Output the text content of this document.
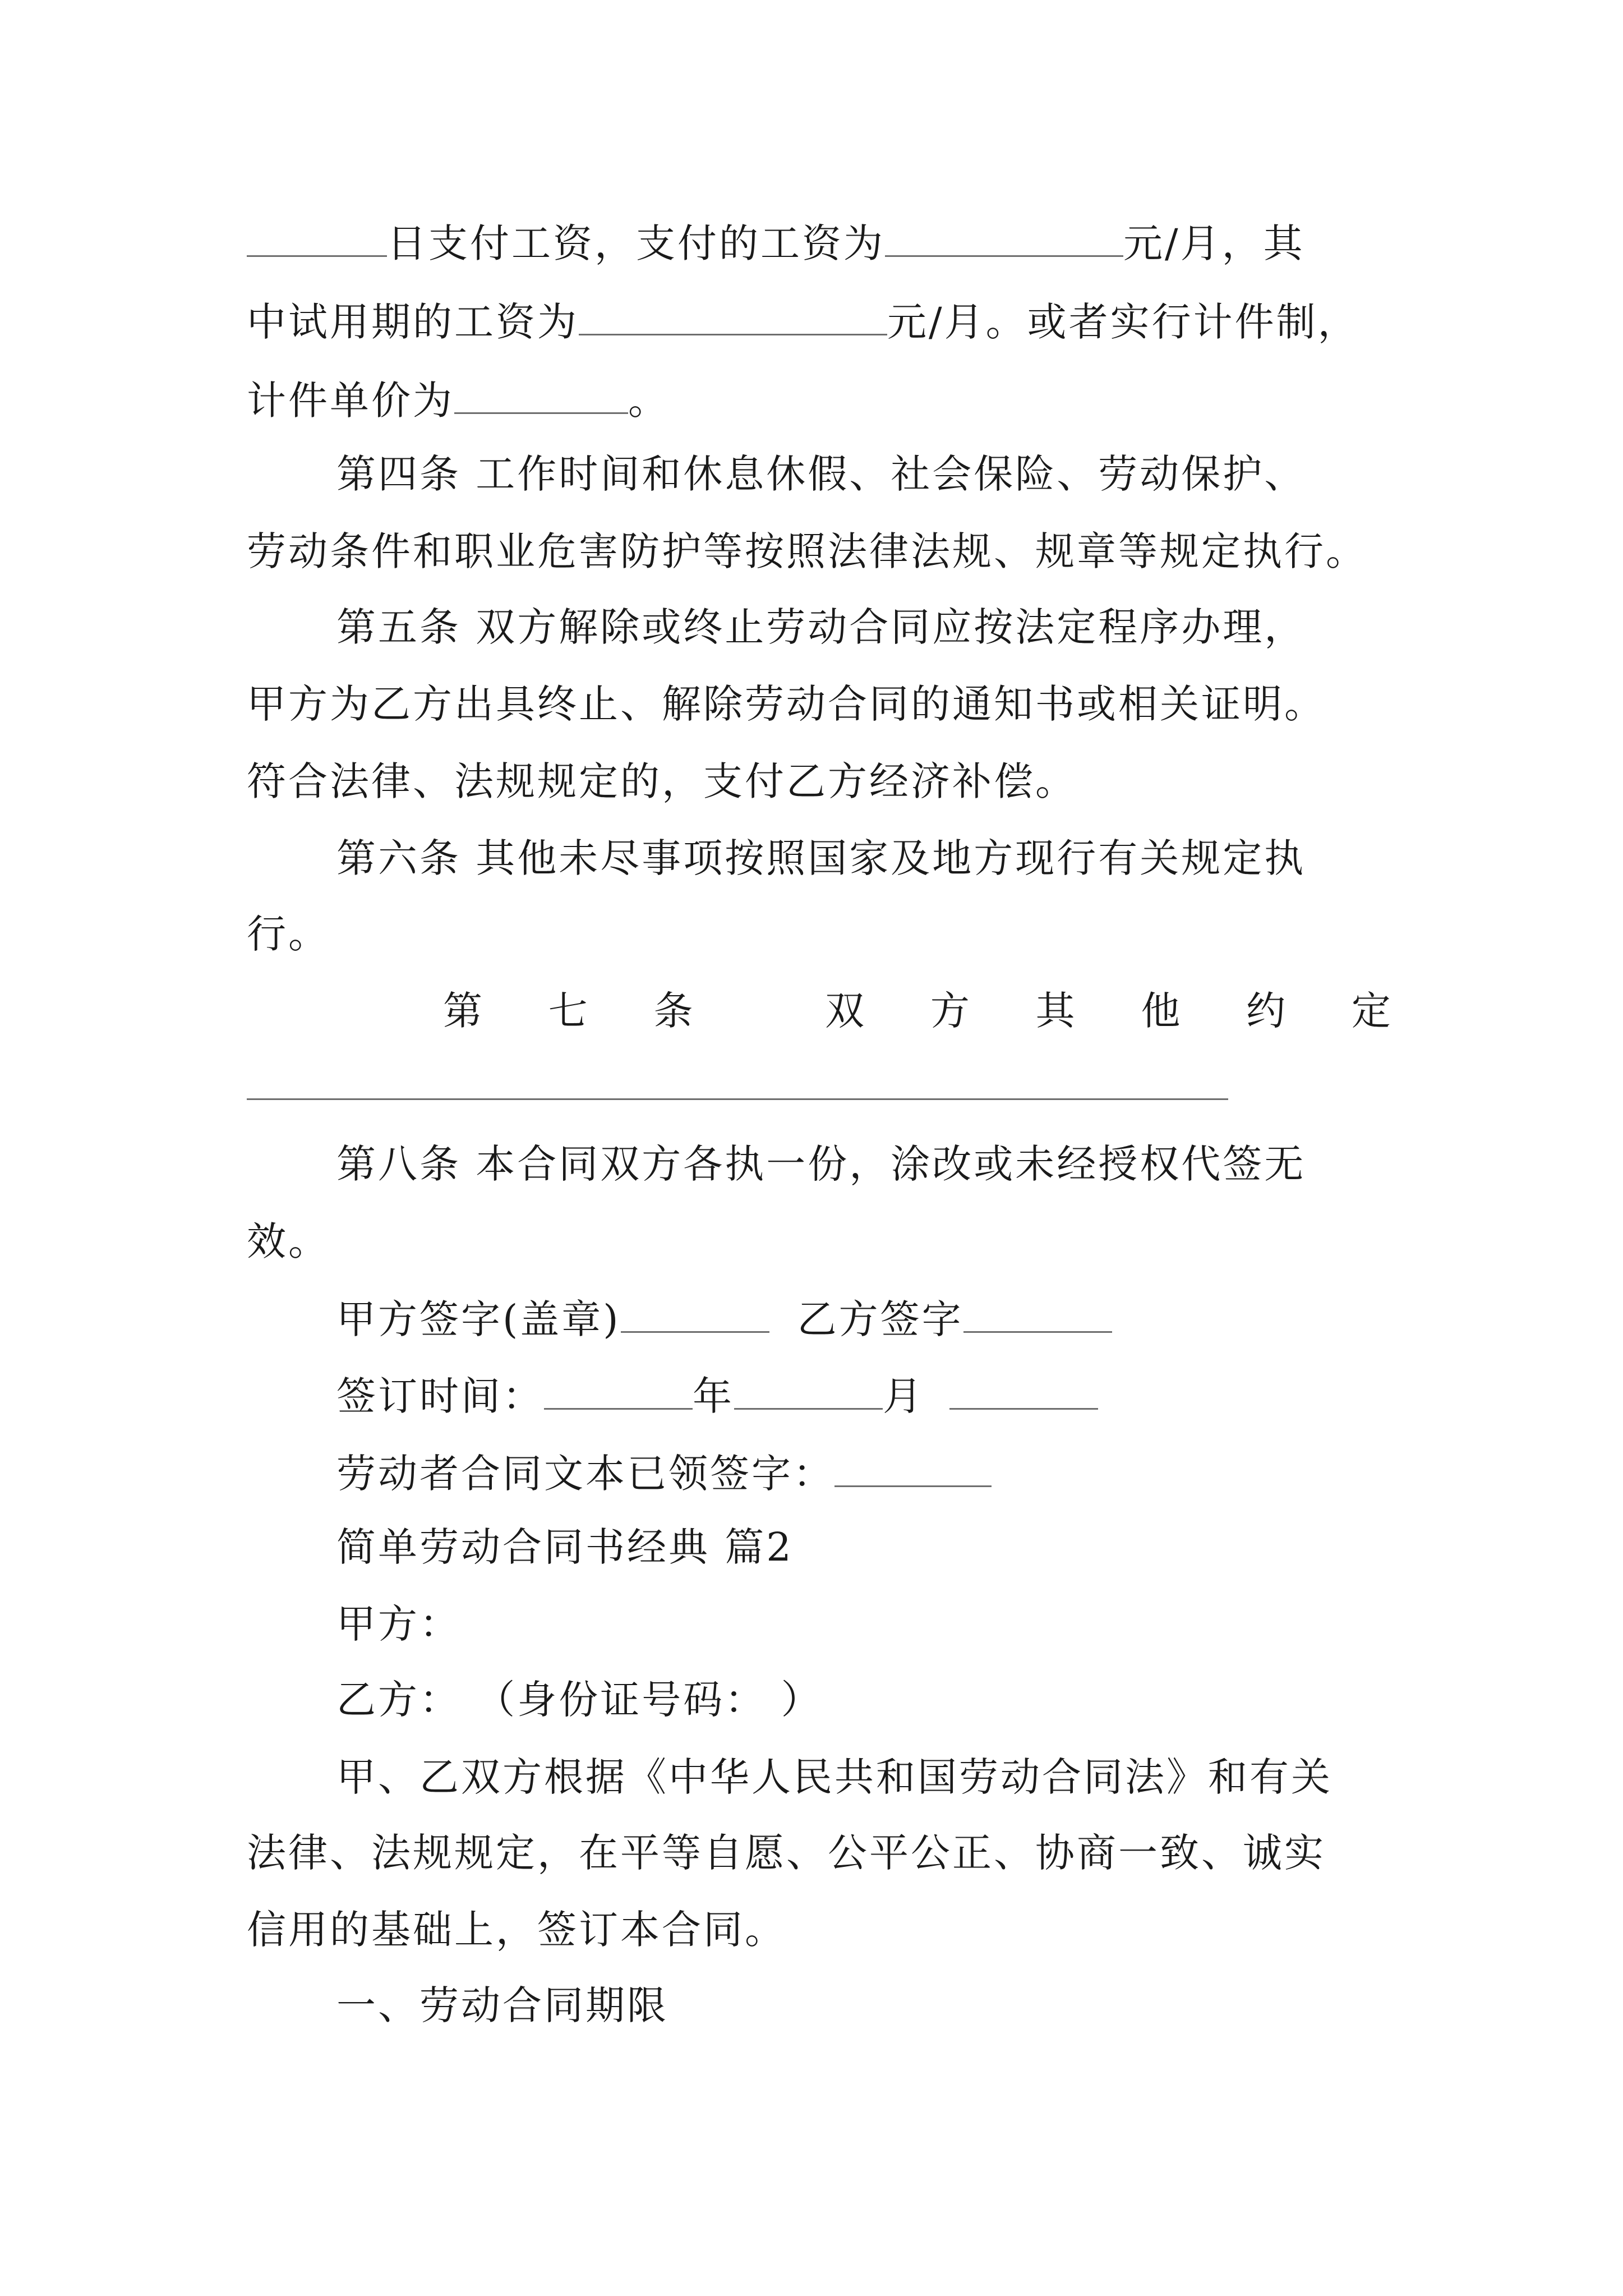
日支付工资，支付的工资为	元/月，其
中试用期的工资为	元/月。或者实行计件制，
计件单价为	。
第四条 工作时间和休息休假、社会保险、劳动保护、
劳动条件和职业危害防护等按照法律法规、规章等规定执行。
第五条 双方解除或终止劳动合同应按法定程序办理，
甲方为乙方出具终止、解除劳动合同的通知书或相关证明。
符合法律、法规规定的，支付乙方经济补偿。
第六条 其他未尽事项按照国家及地方现行有关规定执
行。
第 七 条	双 方 其 他 约 定
第八条 本合同双方各执一份，涂改或未经授权代签无
效。
甲方签字(盖章)	乙方签字
签订时间：	年	月
劳动者合同文本已领签字：
简单劳动合同书经典 篇2
甲方：
乙方： （身份证号码： ）
甲、乙双方根据《中华人民共和国劳动合同法》和有关
法律、法规规定，在平等自愿、公平公正、协商一致、诚实
信用的基础上，签订本合同。
一、劳动合同期限
